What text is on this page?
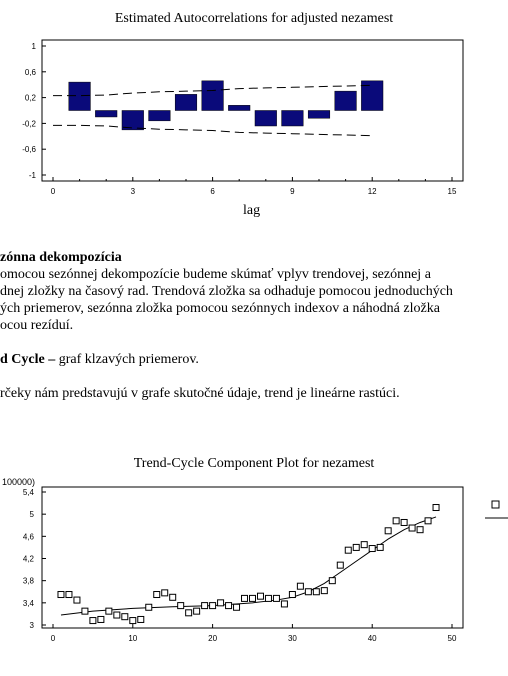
Estimated Autocorrelations for adjusted nezamest
1
0,6
0,2
-0,2
-0,6
-1
0	3	6	9	12	15
lag
zónna dekompozícia
omocou sezónnej dekompozície budeme skúmať vplyv trendovej, sezónnej a
dnej zložky na časový rad. Trendová zložka sa odhaduje pomocou jednoduchých
ých priemerov, sezónna zložka pomocou sezónnych indexov a náhodná zložka
ocou rezíduí.
d Cycle – graf klzavých priemerov.
rčeky nám predstavujú v grafe skutočné údaje, trend je lineárne rastúci.
Trend-Cycle Component Plot for nezamest
100000)
5,4
5
4,6
4,2
3,8
3,4
3
0	10	20	30	40	50
